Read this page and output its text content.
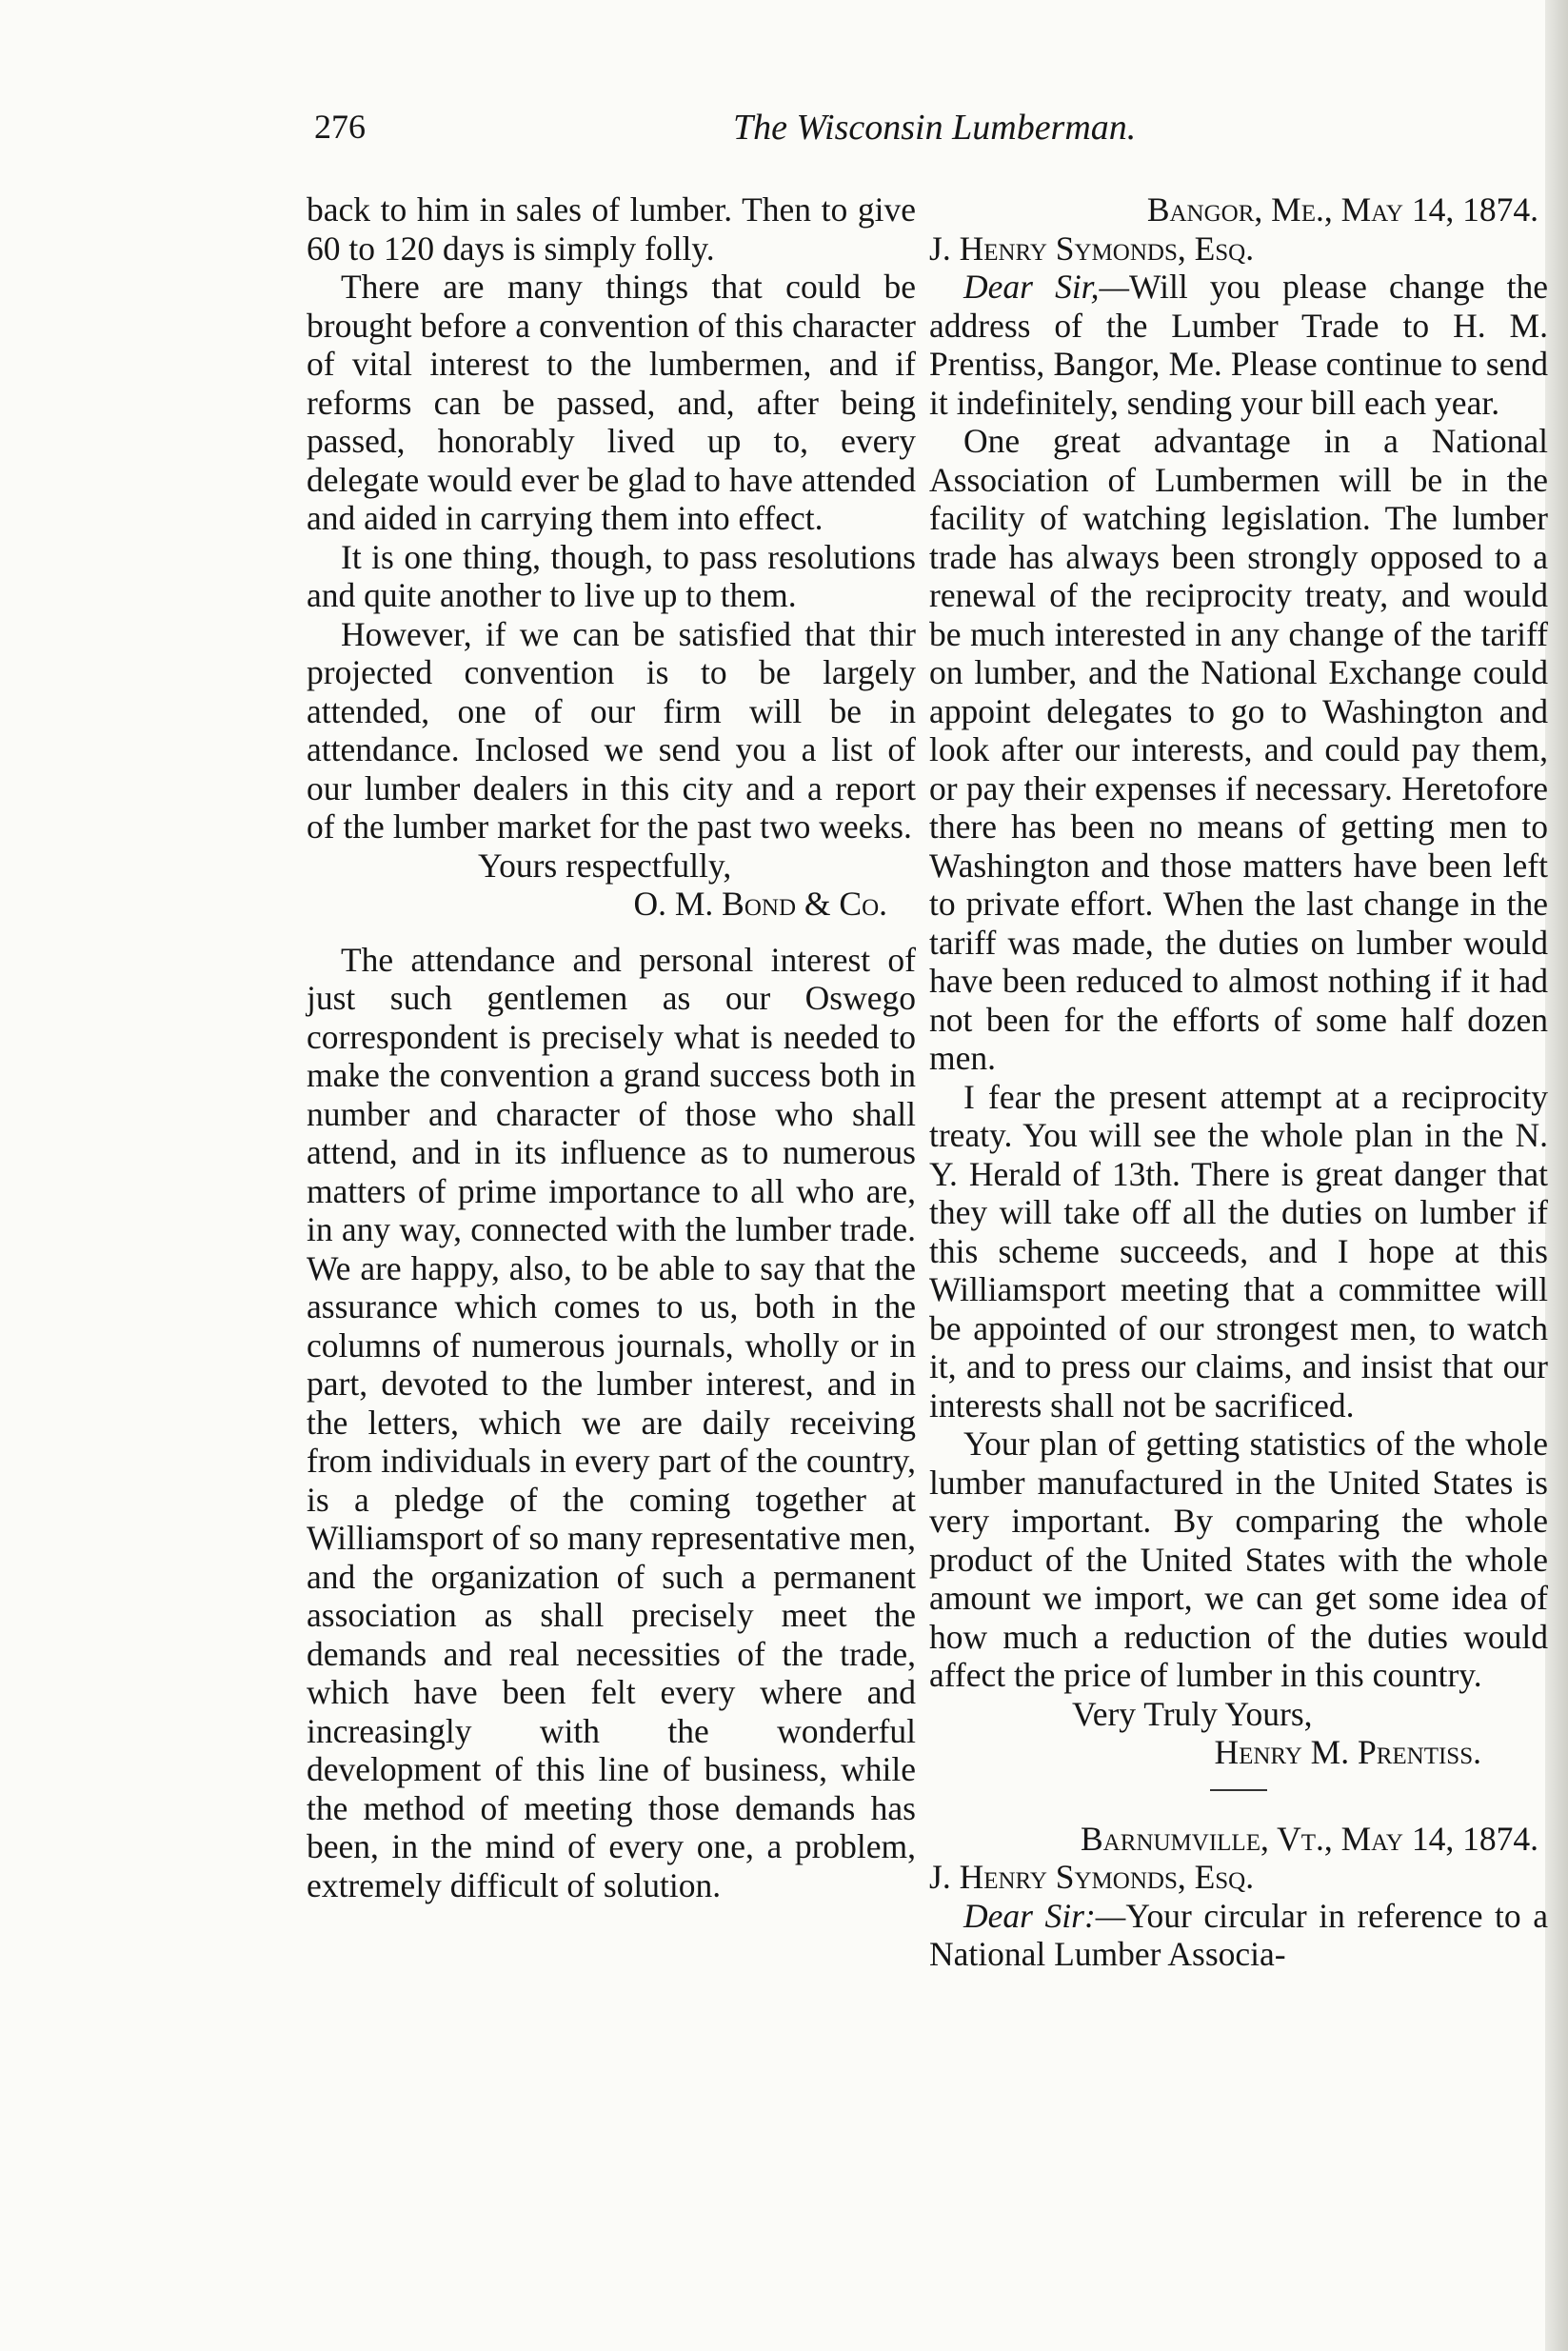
276	The Wisconsin Lumberman.

back to him in sales of lumber. Then to give 60 to 120 days is simply folly.

There are many things that could be brought before a convention of this character of vital interest to the lumbermen, and if reforms can be passed, and, after being passed, honorably lived up to, every delegate would ever be glad to have attended and aided in carrying them into effect.

It is one thing, though, to pass resolutions and quite another to live up to them.

However, if we can be satisfied that thir projected convention is to be largely attended, one of our firm will be in attendance. Inclosed we send you a list of our lumber dealers in this city and a report of the lumber market for the past two weeks.

Yours respectfully,

O. M. Bond & Co.

The attendance and personal interest of just such gentlemen as our Oswego correspondent is precisely what is needed to make the convention a grand success both in number and character of those who shall attend, and in its influence as to numerous matters of prime importance to all who are, in any way, connected with the lumber trade. We are happy, also, to be able to say that the assurance which comes to us, both in the columns of numerous journals, wholly or in part, devoted to the lumber interest, and in the letters, which we are daily receiving from individuals in every part of the country, is a pledge of the coming together at Williamsport of so many representative men, and the organization of such a permanent association as shall precisely meet the demands and real necessities of the trade, which have been felt every where and increasingly with the wonderful development of this line of business, while the method of meeting those demands has been, in the mind of every one, a problem, extremely difficult of solution.

Bangor, Me., May 14, 1874.

J. Henry Symonds, Esq.

Dear Sir,—Will you please change the address of the Lumber Trade to H. M. Prentiss, Bangor, Me. Please continue to send it indefinitely, sending your bill each year.

One great advantage in a National Association of Lumbermen will be in the facility of watching legislation. The lumber trade has always been strongly opposed to a renewal of the reciprocity treaty, and would be much interested in any change of the tariff on lumber, and the National Exchange could appoint delegates to go to Washington and look after our interests, and could pay them, or pay their expenses if necessary. Heretofore there has been no means of getting men to Washington and those matters have been left to private effort. When the last change in the tariff was made, the duties on lumber would have been reduced to almost nothing if it had not been for the efforts of some half dozen men.

I fear the present attempt at a reciprocity treaty. You will see the whole plan in the N. Y. Herald of 13th. There is great danger that they will take off all the duties on lumber if this scheme succeeds, and I hope at this Williamsport meeting that a committee will be appointed of our strongest men, to watch it, and to press our claims, and insist that our interests shall not be sacrificed.

Your plan of getting statistics of the whole lumber manufactured in the United States is very important. By comparing the whole product of the United States with the whole amount we import, we can get some idea of how much a reduction of the duties would affect the price of lumber in this country.

Very Truly Yours,

Henry M. Prentiss.

Barnumville, Vt., May 14, 1874.

J. Henry Symonds, Esq.

Dear Sir:—Your circular in reference to a National Lumber Associa-
